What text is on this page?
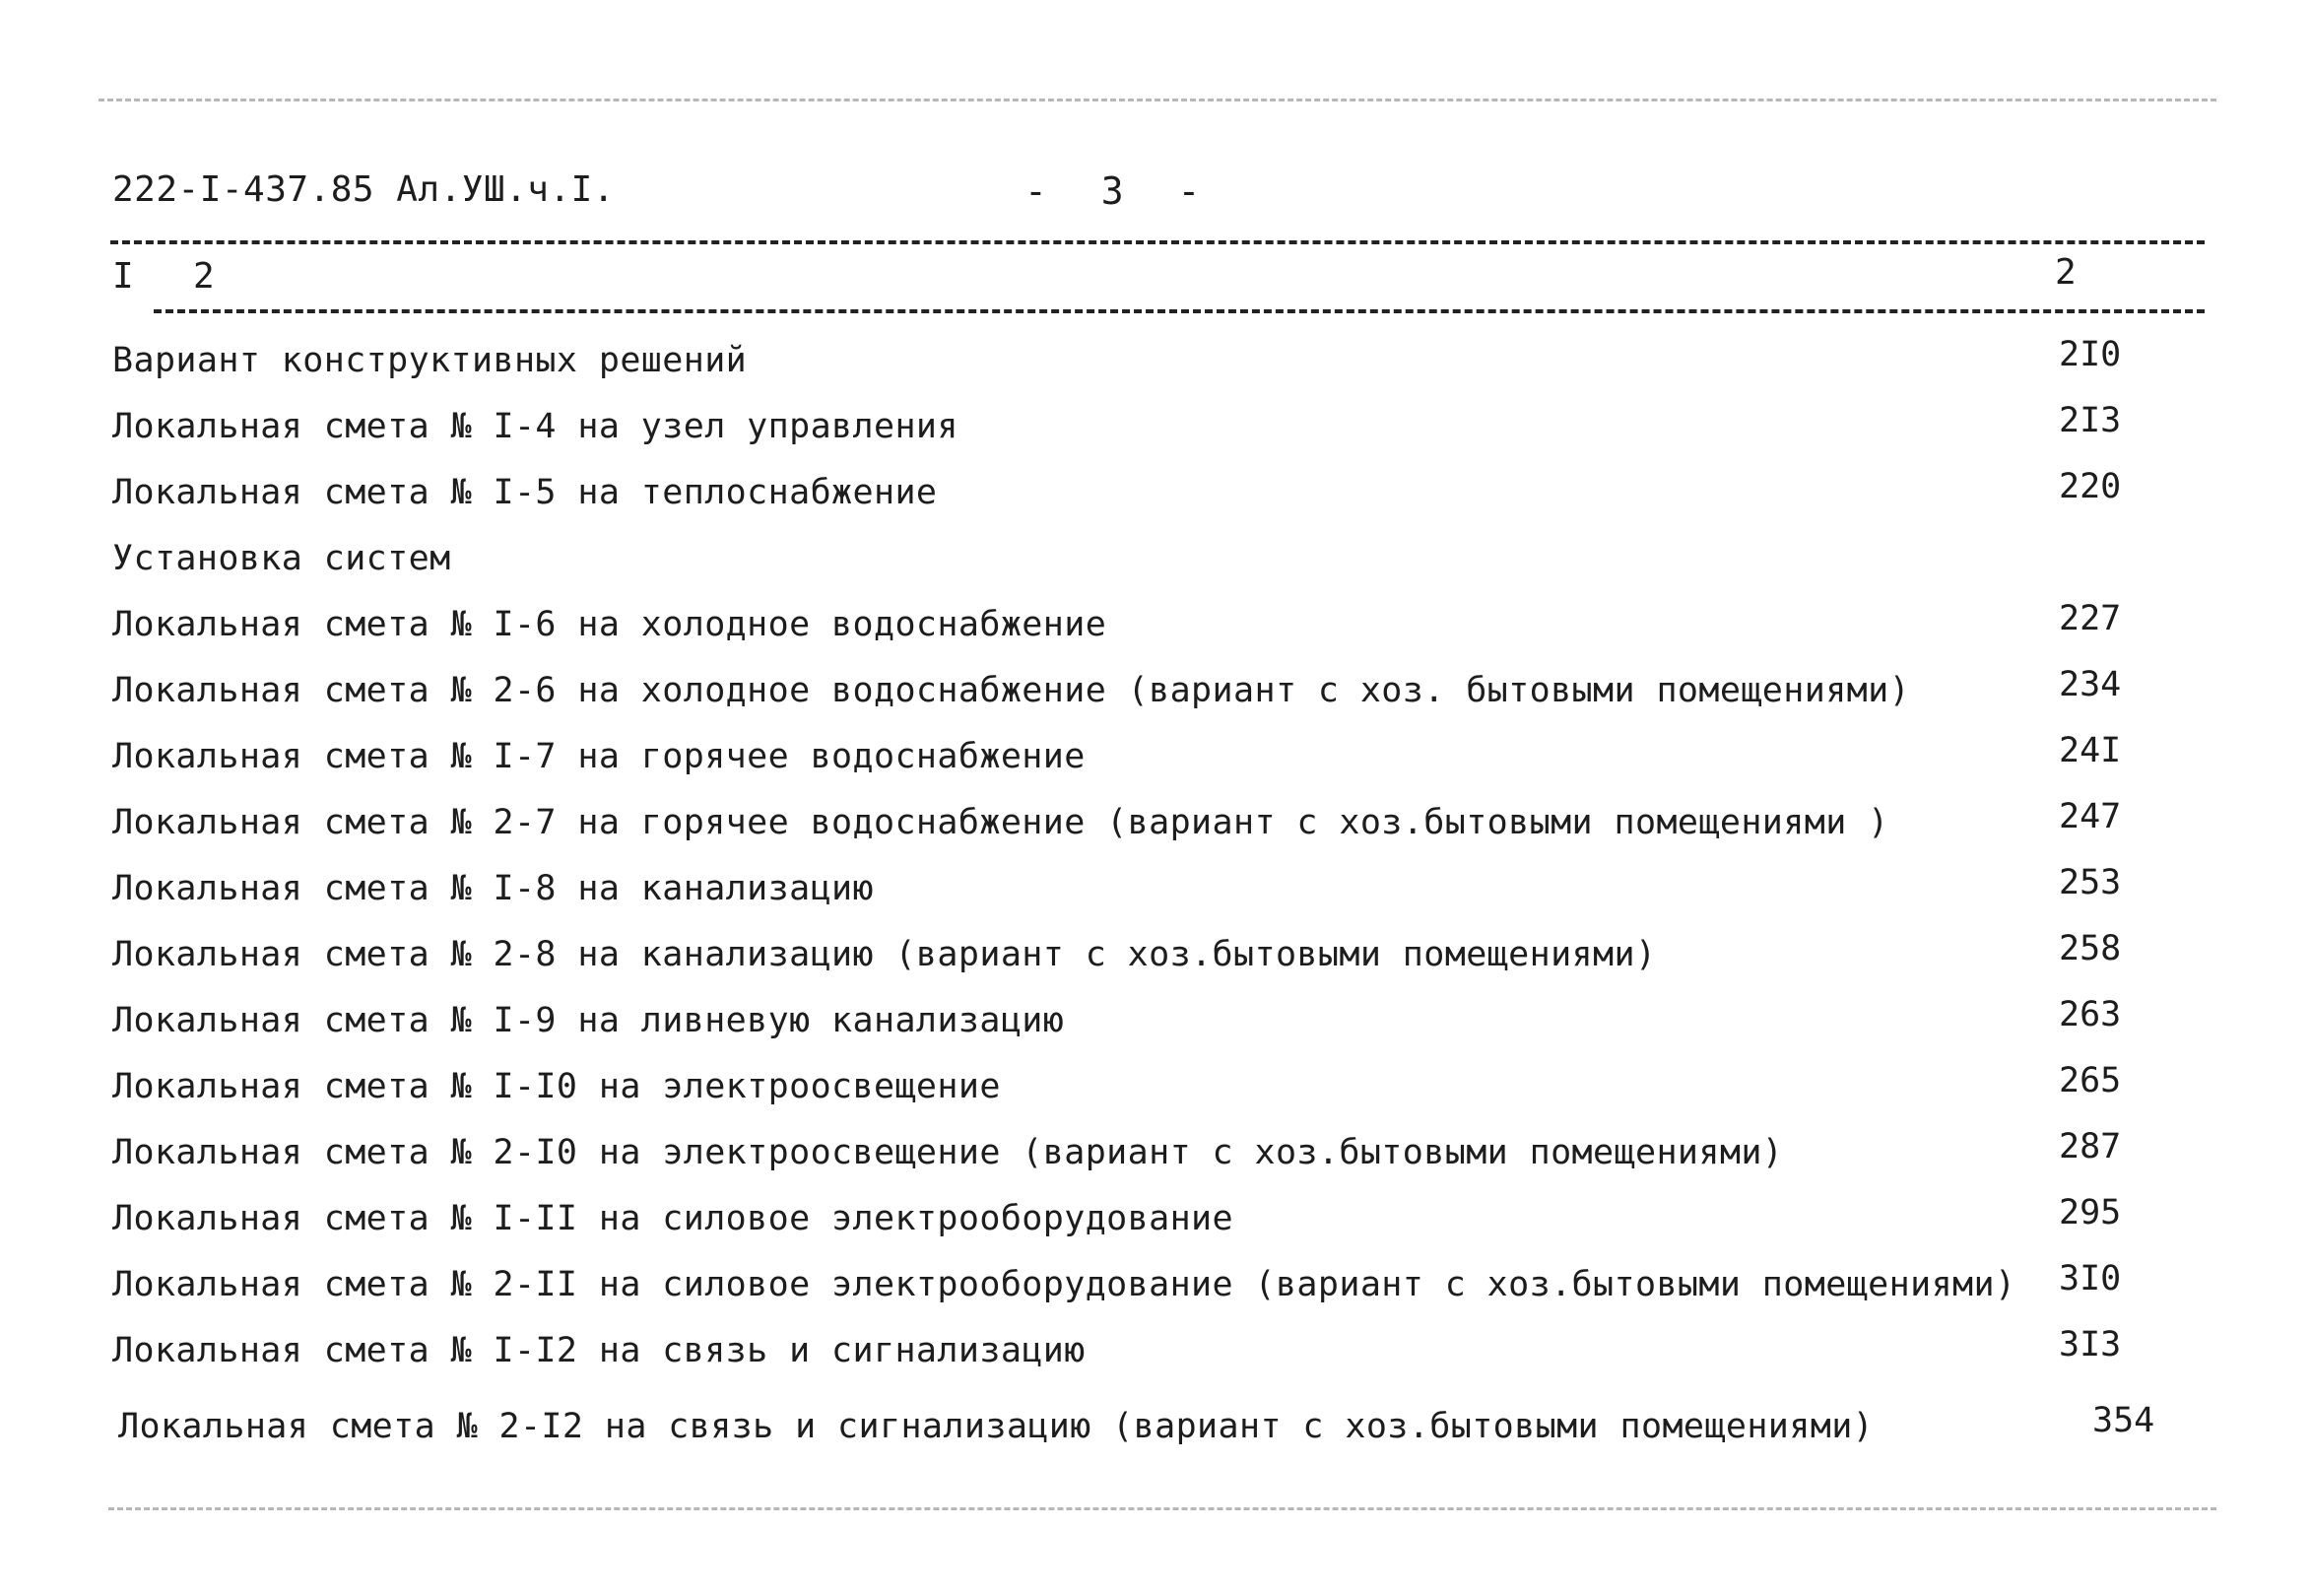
222-I-437.85 Ал.УШ.ч.I.	- 3 -
I 2	2
Вариант конструктивных решений	2I0
Локальная смета № I-4 на узел управления	2I3
Локальная смета № I-5 на теплоснабжение	220
Установка систем
Локальная смета № I-6 на холодное водоснабжение	227
Локальная смета № 2-6 на холодное водоснабжение (вариант с хоз. бытовыми помещениями)	234
Локальная смета № I-7 на горячее водоснабжение	24I
Локальная смета № 2-7 на горячее водоснабжение (вариант с хоз.бытовыми помещениями )	247
Локальная смета № I-8 на канализацию	253
Локальная смета № 2-8 на канализацию (вариант с хоз.бытовыми помещениями)	258
Локальная смета № I-9 на ливневую канализацию	263
Локальная смета № I-I0 на электроосвещение	265
Локальная смета № 2-I0 на электроосвещение (вариант с хоз.бытовыми помещениями)	287
Локальная смета № I-II на силовое электрооборудование	295
Локальная смета № 2-II на силовое электрооборудование (вариант с хоз.бытовыми помещениями) 3I0
Локальная смета № I-I2 на связь и сигнализацию	3I3
Локальная смета № 2-I2 на связь и сигнализацию (вариант с хоз.бытовыми помещениями)	354
